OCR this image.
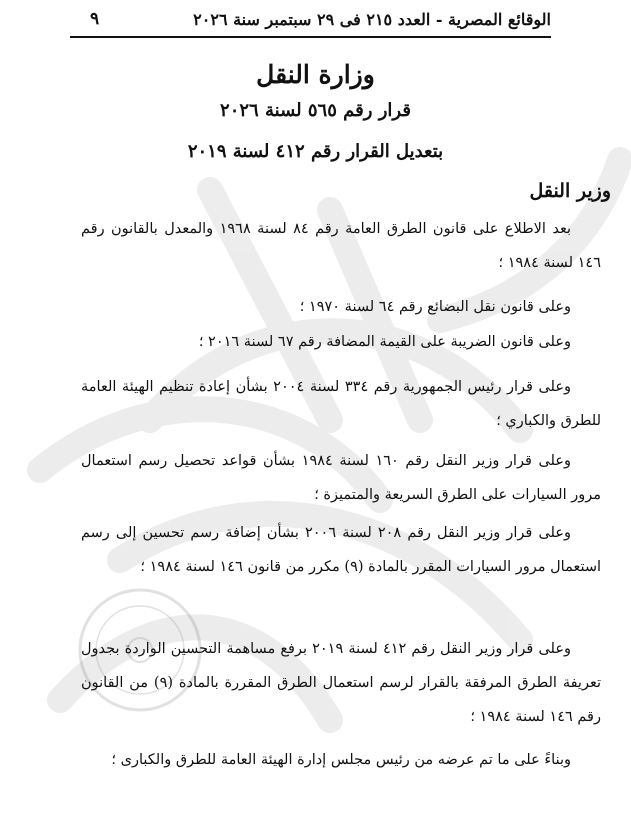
الوقائع المصرية - العدد ٢١٥ فى ٢٩ سبتمبر سنة ٢٠٢٦
٩
وزارة النقل
قرار رقم ٥٦٥ لسنة ٢٠٢٦
بتعديل القرار رقم ٤١٢ لسنة ٢٠١٩
وزير النقل

بعد الاطلاع على قانون الطرق العامة رقم ٨٤ لسنة ١٩٦٨ والمعدل بالقانون رقم ١٤٦ لسنة ١٩٨٤ ؛

وعلى قانون نقل البضائع رقم ٦٤ لسنة ١٩٧٠ ؛

وعلى قانون الضريبة على القيمة المضافة رقم ٦٧ لسنة ٢٠١٦ ؛

وعلى قرار رئيس الجمهورية رقم ٣٣٤ لسنة ٢٠٠٤ بشأن إعادة تنظيم الهيئة العامة للطرق والكباري ؛

وعلى قرار وزير النقل رقم ١٦٠ لسنة ١٩٨٤ بشأن قواعد تحصيل رسم استعمال مرور السيارات على الطرق السريعة والمتميزة ؛

وعلى قرار وزير النقل رقم ٢٠٨ لسنة ٢٠٠٦ بشأن إضافة رسم تحسين إلى رسم استعمال مرور السيارات المقرر بالمادة (٩) مكرر من قانون ١٤٦ لسنة ١٩٨٤ ؛

وعلى قرار وزير النقل رقم ٤١٢ لسنة ٢٠١٩ برفع مساهمة التحسين الواردة بجدول تعريفة الطرق المرفقة بالقرار لرسم استعمال الطرق المقررة بالمادة (٩) من القانون رقم ١٤٦ لسنة ١٩٨٤ ؛

وبناءً على ما تم عرضه من رئيس مجلس إدارة الهيئة العامة للطرق والكبارى ؛
